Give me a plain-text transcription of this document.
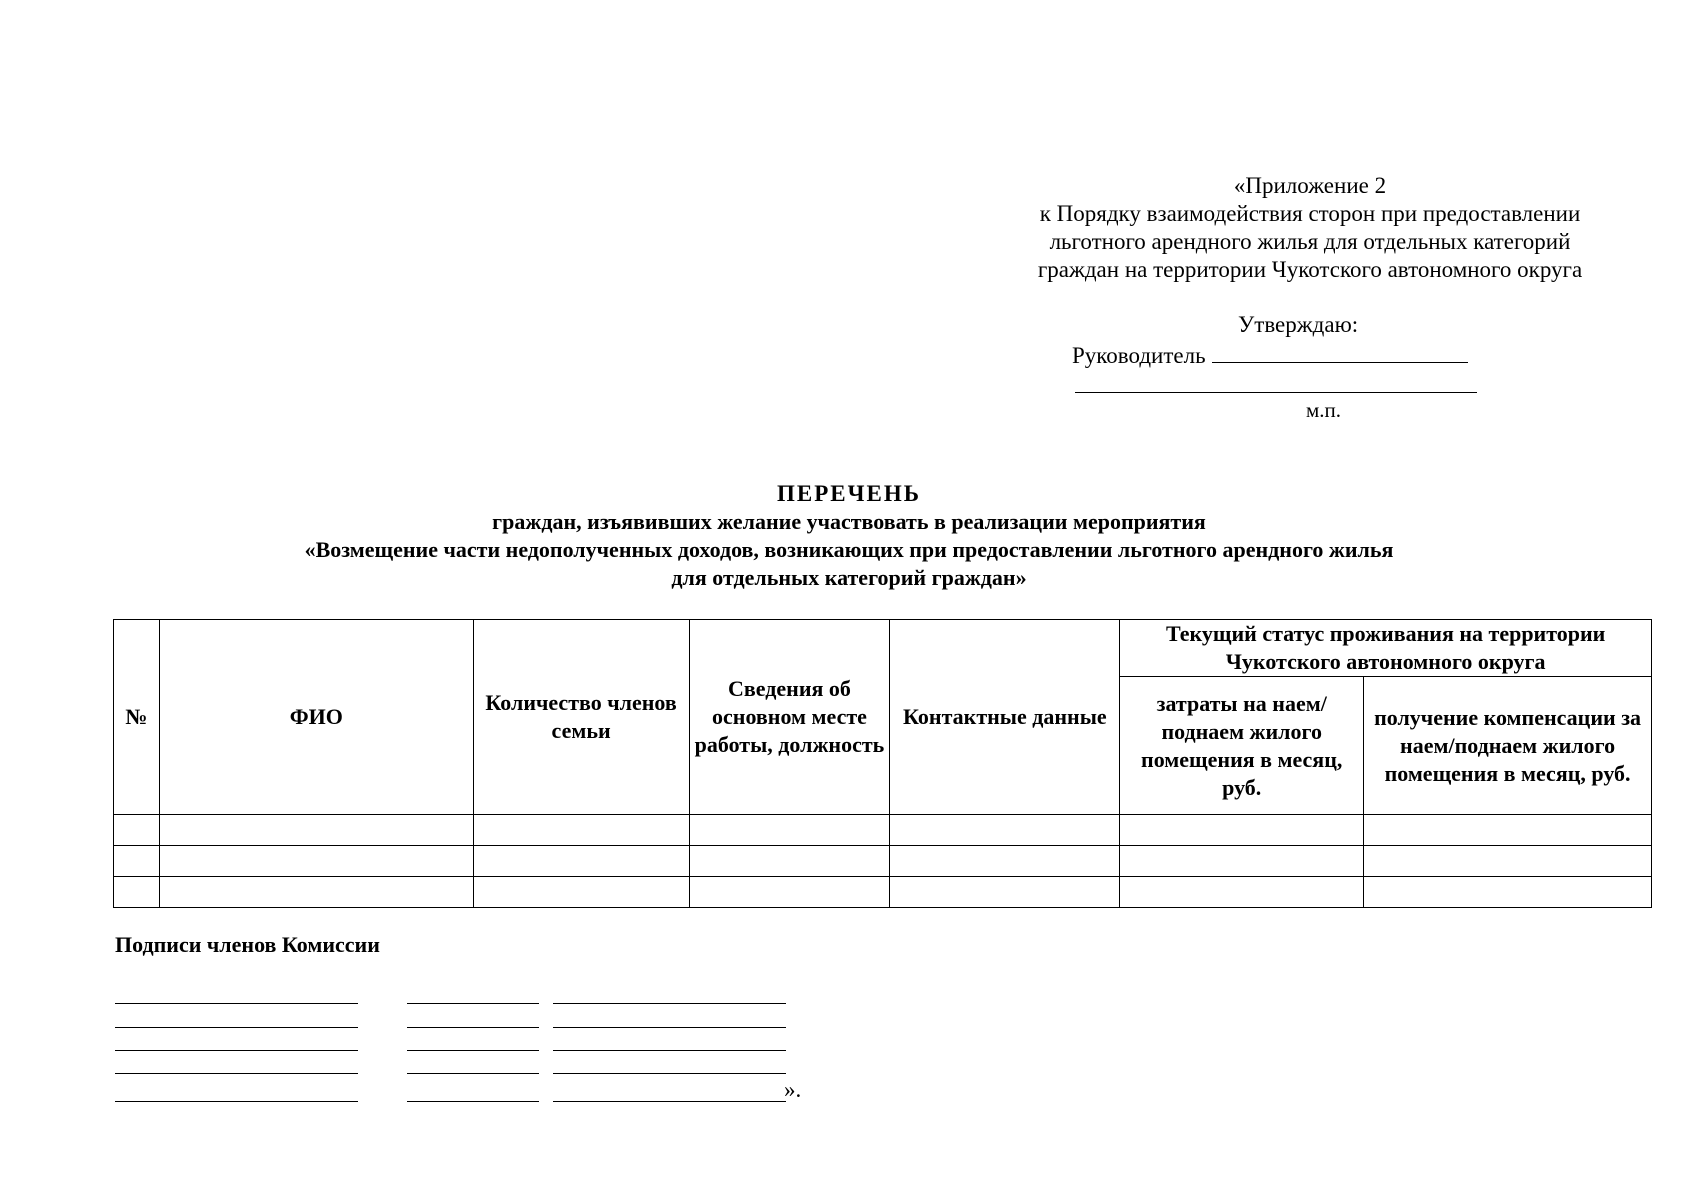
«Приложение 2
к Порядку взаимодействия сторон при предоставлении
льготного арендного жилья для отдельных категорий
граждан на территории Чукотского автономного округа
Утверждаю:
Руководитель
м.п.
ПЕРЕЧЕНЬ
граждан, изъявивших желание участвовать в реализации мероприятия
«Возмещение части недополученных доходов, возникающих при предоставлении льготного арендного жилья
для отдельных категорий граждан»
№	ФИО	Количество членов семьи	Сведения об основном месте работы, должность	Контактные данные	Текущий статус проживания на территории Чукотского автономного округа	
					затраты на наем/поднаем жилого помещения в месяц, руб.	получение компенсации за наем/поднаем жилого помещения в месяц, руб.

Подписи членов Комиссии
».
